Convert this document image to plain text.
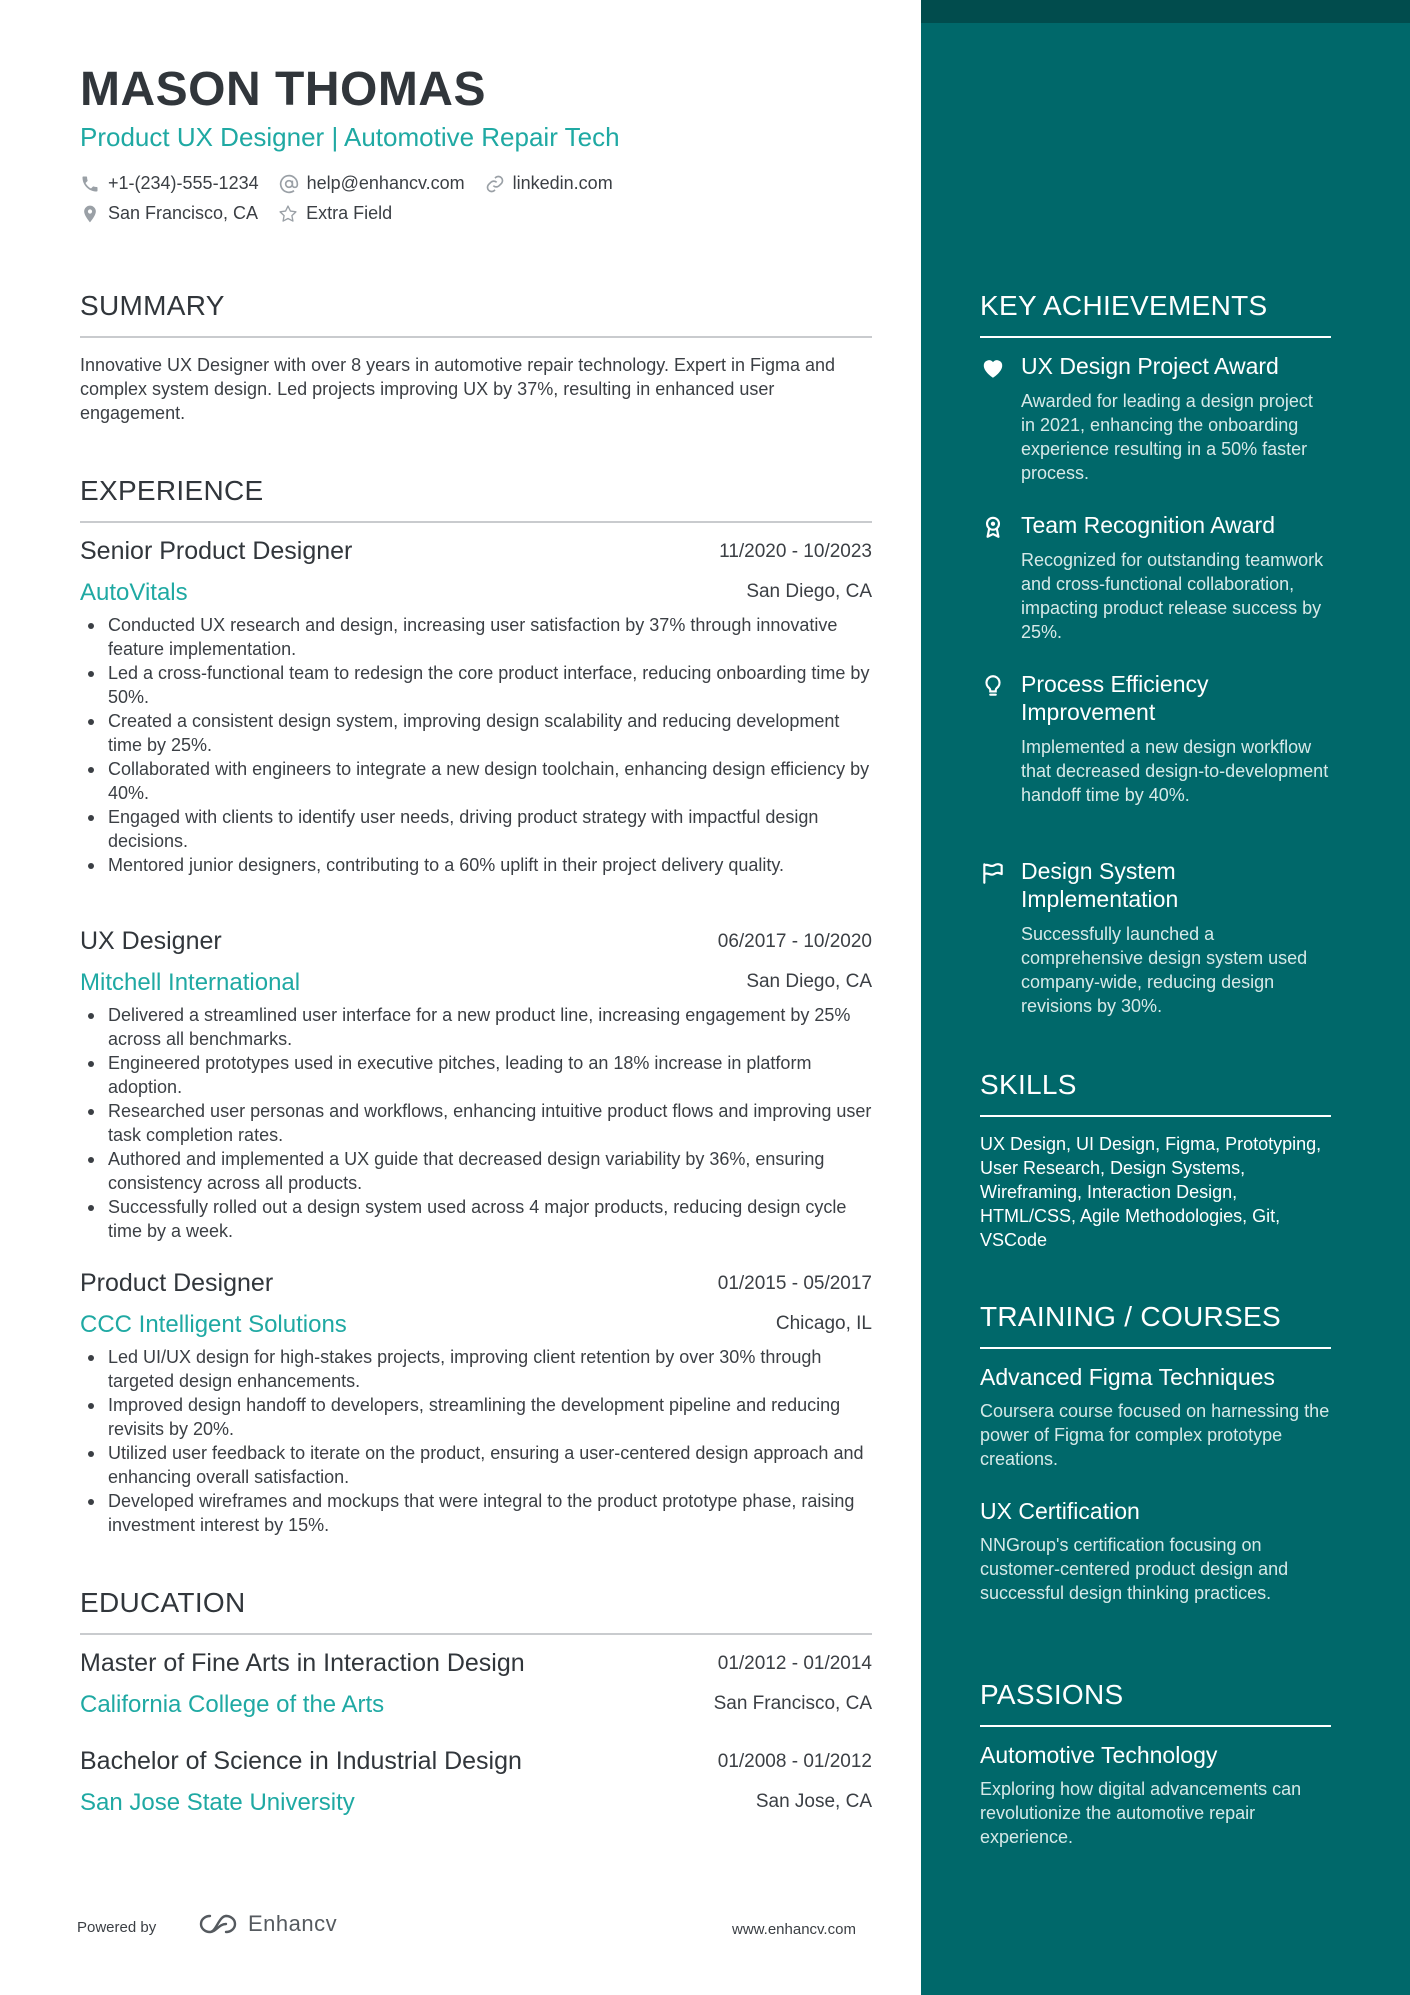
MASON THOMAS
Product UX Designer | Automotive Repair Tech
+1-(234)-555-1234	help@enhancv.com	linkedin.com
San Francisco, CA	Extra Field
SUMMARY
Innovative UX Designer with over 8 years in automotive repair technology. Expert in Figma and complex system design. Led projects improving UX by 37%, resulting in enhanced user engagement.
EXPERIENCE
Senior Product Designer	11/2020 - 10/2023
AutoVitals	San Diego, CA
Conducted UX research and design, increasing user satisfaction by 37% through innovative feature implementation.
Led a cross-functional team to redesign the core product interface, reducing onboarding time by 50%.
Created a consistent design system, improving design scalability and reducing development time by 25%.
Collaborated with engineers to integrate a new design toolchain, enhancing design efficiency by 40%.
Engaged with clients to identify user needs, driving product strategy with impactful design decisions.
Mentored junior designers, contributing to a 60% uplift in their project delivery quality.
UX Designer	06/2017 - 10/2020
Mitchell International	San Diego, CA
Delivered a streamlined user interface for a new product line, increasing engagement by 25% across all benchmarks.
Engineered prototypes used in executive pitches, leading to an 18% increase in platform adoption.
Researched user personas and workflows, enhancing intuitive product flows and improving user task completion rates.
Authored and implemented a UX guide that decreased design variability by 36%, ensuring consistency across all products.
Successfully rolled out a design system used across 4 major products, reducing design cycle time by a week.
Product Designer	01/2015 - 05/2017
CCC Intelligent Solutions	Chicago, IL
Led UI/UX design for high-stakes projects, improving client retention by over 30% through targeted design enhancements.
Improved design handoff to developers, streamlining the development pipeline and reducing revisits by 20%.
Utilized user feedback to iterate on the product, ensuring a user-centered design approach and enhancing overall satisfaction.
Developed wireframes and mockups that were integral to the product prototype phase, raising investment interest by 15%.
EDUCATION
Master of Fine Arts in Interaction Design	01/2012 - 01/2014
California College of the Arts	San Francisco, CA
Bachelor of Science in Industrial Design	01/2008 - 01/2012
San Jose State University	San Jose, CA
Powered by	Enhancv	www.enhancv.com
KEY ACHIEVEMENTS
UX Design Project Award
Awarded for leading a design project in 2021, enhancing the onboarding experience resulting in a 50% faster process.
Team Recognition Award
Recognized for outstanding teamwork and cross-functional collaboration, impacting product release success by 25%.
Process Efficiency Improvement
Implemented a new design workflow that decreased design-to-development handoff time by 40%.
Design System Implementation
Successfully launched a comprehensive design system used company-wide, reducing design revisions by 30%.
SKILLS
UX Design, UI Design, Figma, Prototyping, User Research, Design Systems, Wireframing, Interaction Design, HTML/CSS, Agile Methodologies, Git, VSCode
TRAINING / COURSES
Advanced Figma Techniques
Coursera course focused on harnessing the power of Figma for complex prototype creations.
UX Certification
NNGroup's certification focusing on customer-centered product design and successful design thinking practices.
PASSIONS
Automotive Technology
Exploring how digital advancements can revolutionize the automotive repair experience.
